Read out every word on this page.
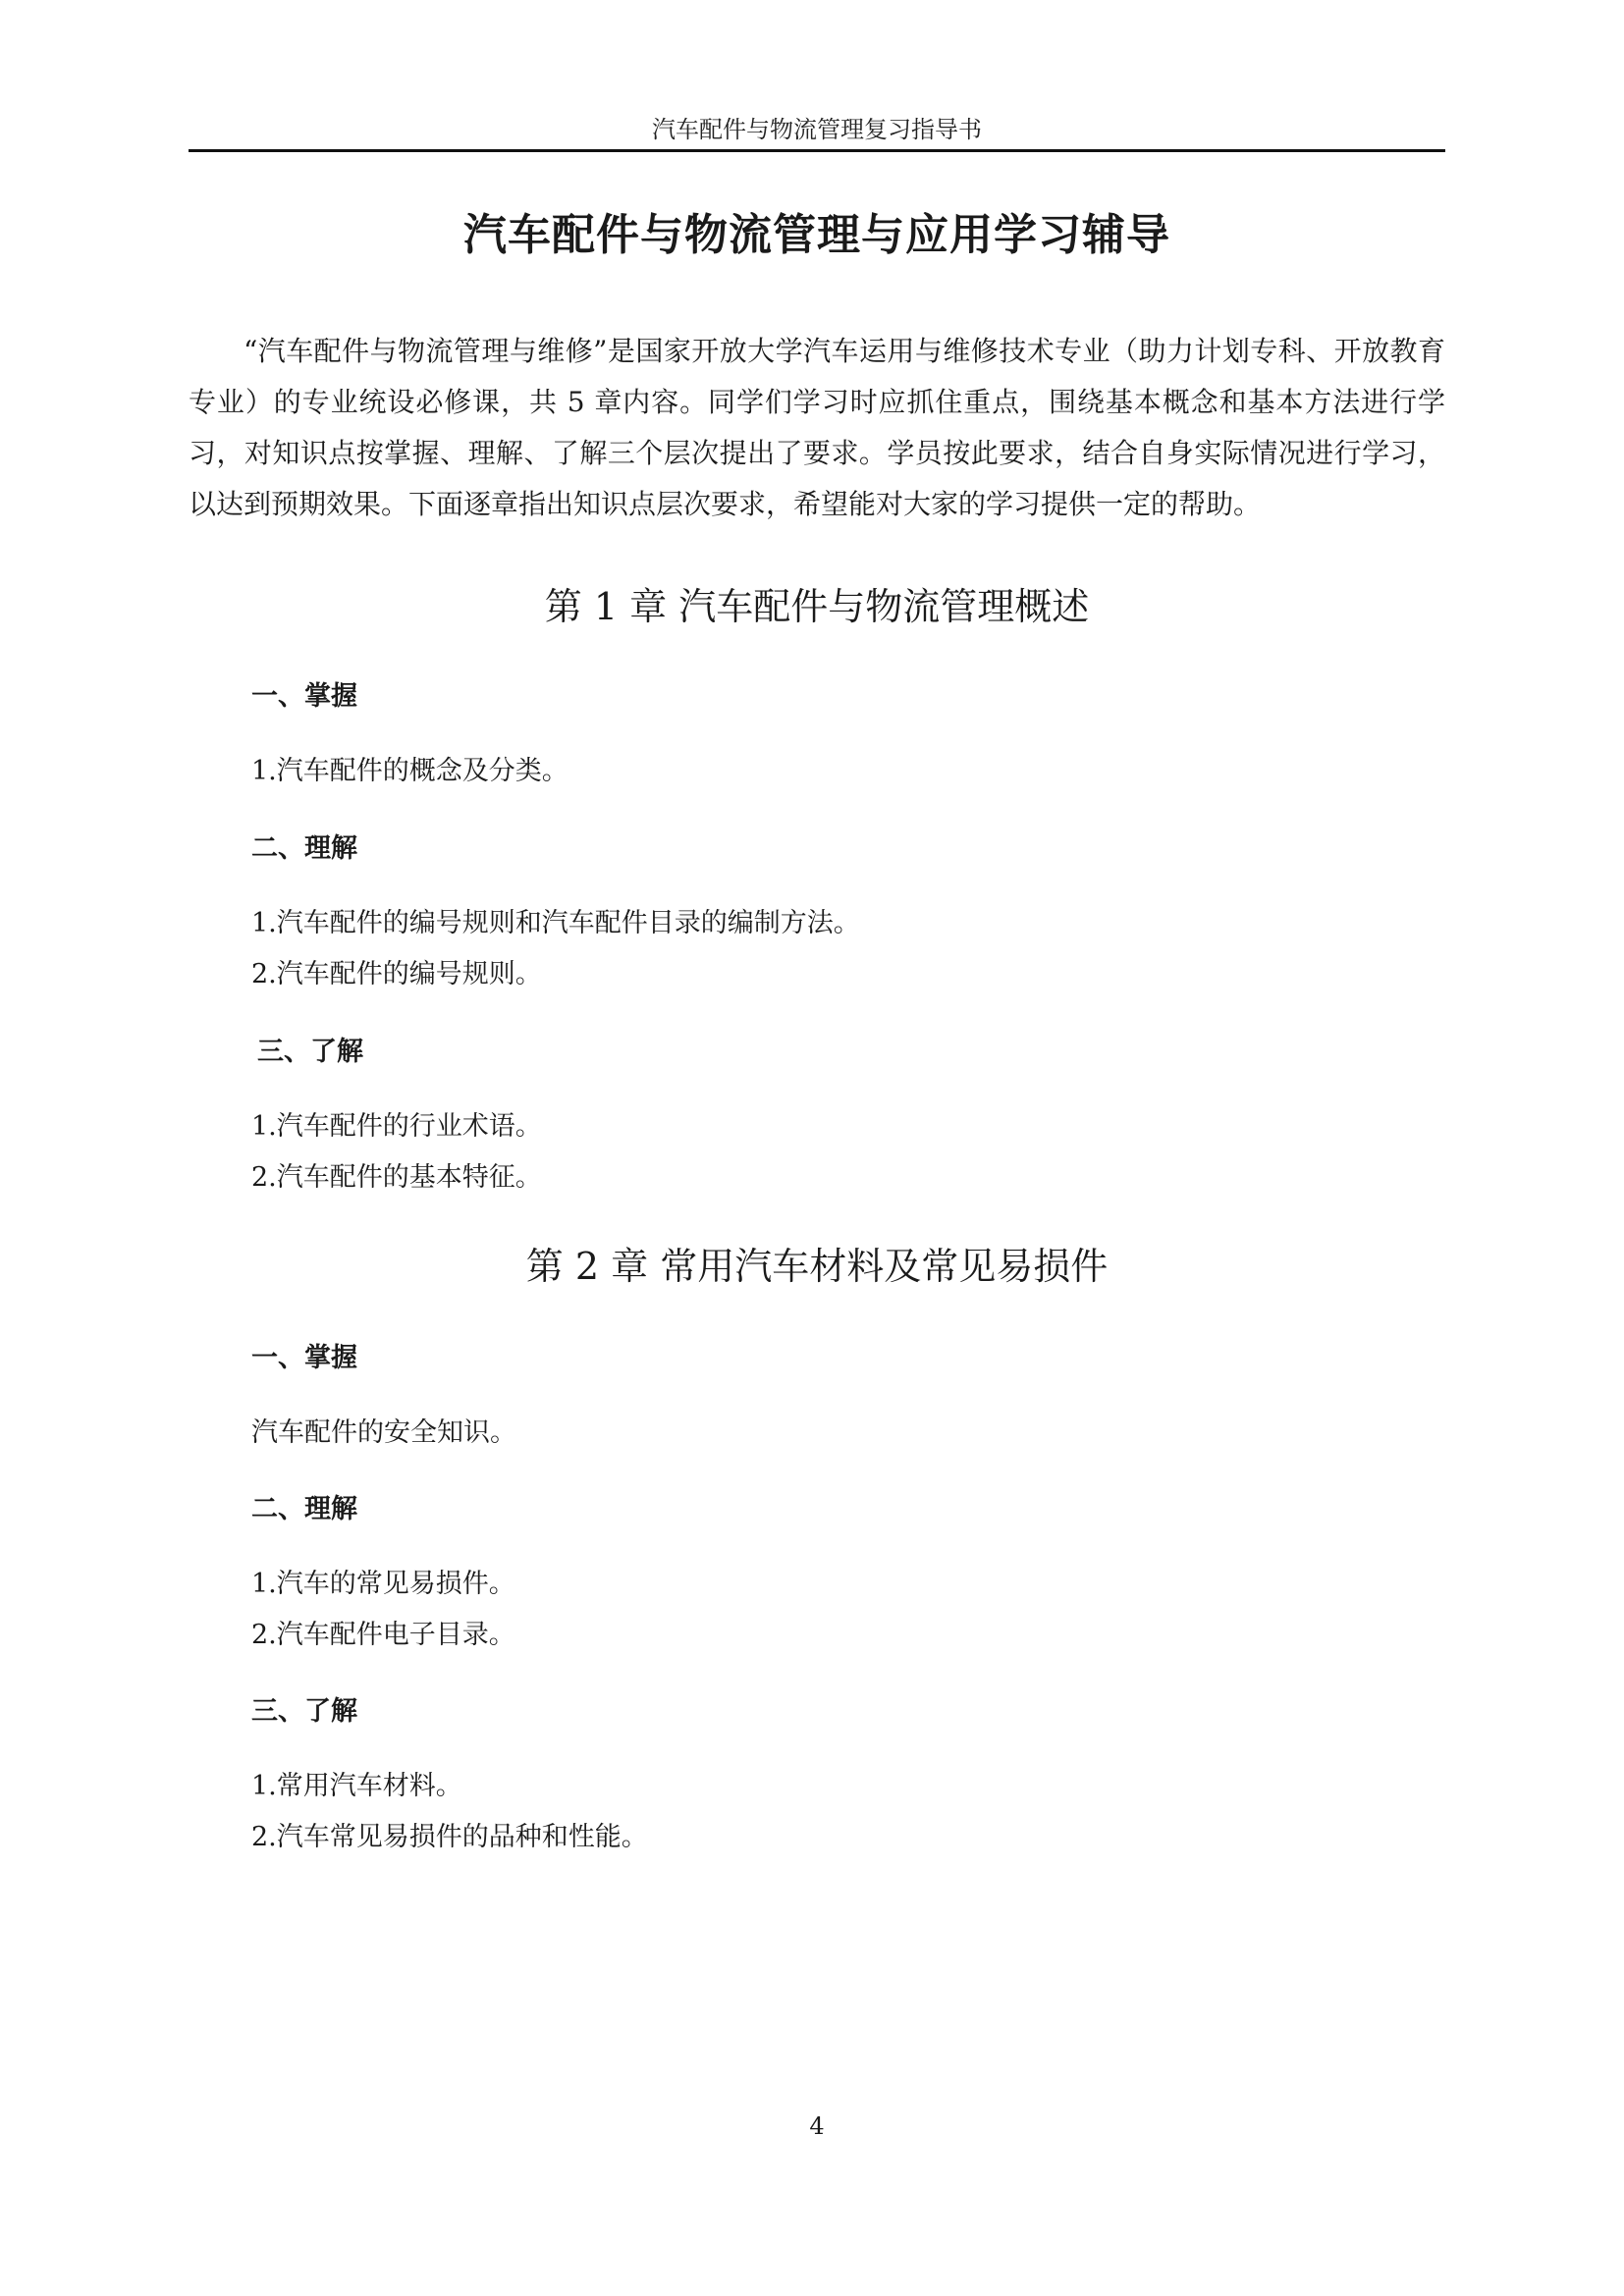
汽车配件与物流管理复习指导书
汽车配件与物流管理与应用学习辅导

“汽车配件与物流管理与维修”是国家开放大学汽车运用与维修技术专业（助力计划专科、开放教育专业）的专业统设必修课，共 5 章内容。同学们学习时应抓住重点，围绕基本概念和基本方法进行学习，对知识点按掌握、理解、了解三个层次提出了要求。学员按此要求，结合自身实际情况进行学习，以达到预期效果。下面逐章指出知识点层次要求，希望能对大家的学习提供一定的帮助。

第 1 章 汽车配件与物流管理概述
一、掌握
1.汽车配件的概念及分类。
二、理解
1.汽车配件的编号规则和汽车配件目录的编制方法。
2.汽车配件的编号规则。
三、了解
1.汽车配件的行业术语。
2.汽车配件的基本特征。
第 2 章 常用汽车材料及常见易损件
一、掌握
汽车配件的安全知识。
二、理解
1.汽车的常见易损件。
2.汽车配件电子目录。
三、了解
1.常用汽车材料。
2.汽车常见易损件的品种和性能。
4
